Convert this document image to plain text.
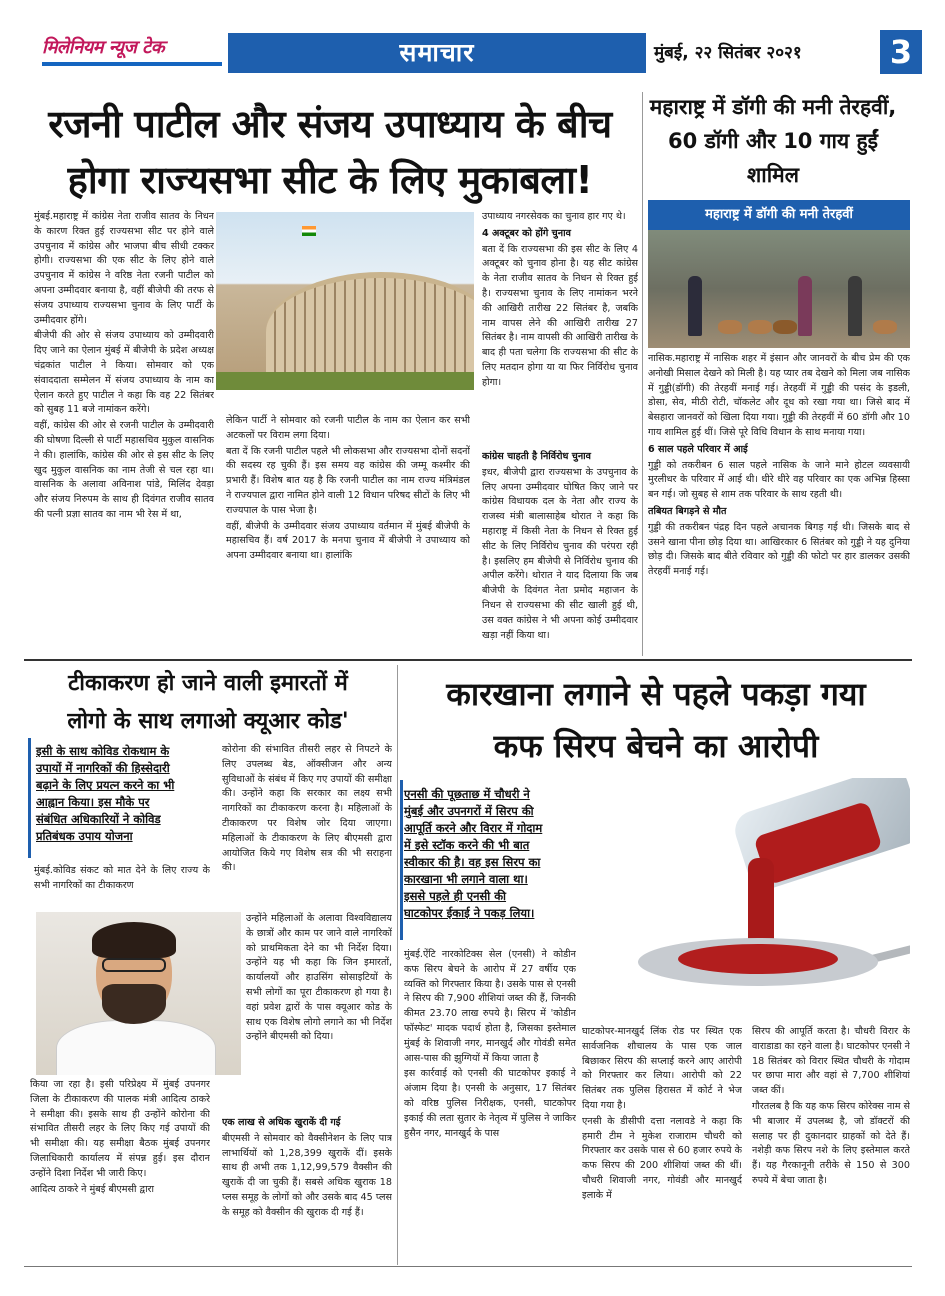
मिलेनियम न्यूज टेक	समाचार	मुंबई, २२ सितंबर २०२१	3
रजनी पाटील और संजय उपाध्याय के बीच
होगा राज्यसभा सीट के लिए मुकाबला!

मुंबई.महाराष्ट्र में कांग्रेस नेता राजीव सातव के निधन के कारण रिक्त हुई राज्यसभा सीट पर होने वाले उपचुनाव में कांग्रेस और भाजपा बीच सीधी टक्कर होगी। राज्यसभा की एक सीट के लिए होने वाले उपचुनाव में कांग्रेस ने वरिष्ठ नेता रजनी पाटील को अपना उम्मीदवार बनाया है, वहीं बीजेपी की तरफ से संजय उपाध्याय राज्यसभा चुनाव के लिए पार्टी के उम्मीदवार होंगे।

बीजेपी की ओर से संजय उपाध्याय को उम्मीदवारी दिए जाने का ऐलान मुंबई में बीजेपी के प्रदेश अध्यक्ष चंद्रकांत पाटील ने किया। सोमवार को एक संवाददाता सम्मेलन में संजय उपाध्याय के नाम का ऐलान करते हुए पाटील ने कहा कि वह 22 सितंबर को सुबह 11 बजे नामांकन करेंगे।

वहीं, कांग्रेस की ओर से रजनी पाटील के उम्मीदवारी की घोषणा दिल्ली से पार्टी महासचिव मुकुल वासनिक ने की। हालांकि, कांग्रेस की ओर से इस सीट के लिए खुद मुकुल वासनिक का नाम तेजी से चल रहा था। वासनिक के अलावा अविनाश पांडे, मिलिंद देवड़ा और संजय निरुपम के साथ ही दिवंगत राजीव सातव की पत्नी प्रज्ञा सातव का नाम भी रेस में था,

लेकिन पार्टी ने सोमवार को रजनी पाटील के नाम का ऐलान कर सभी अटकलों पर विराम लगा दिया।

बता दें कि रजनी पाटील पहले भी लोकसभा और राज्यसभा दोनों सदनों की सदस्य रह चुकी हैं। इस समय वह कांग्रेस की जम्मू कश्मीर की प्रभारी हैं। विशेष बात यह है कि रजनी पाटील का नाम राज्य मंत्रिमंडल ने राज्यपाल द्वारा नामित होने वाली 12 विधान परिषद सीटों के लिए भी राज्यपाल के पास भेजा है।

वहीं, बीजेपी के उम्मीदवार संजय उपाध्याय वर्तमान में मुंबई बीजेपी के महासचिव हैं। वर्ष 2017 के मनपा चुनाव में बीजेपी ने उपाध्याय को अपना उम्मीदवार बनाया था। हालांकि

उपाध्याय नगरसेवक का चुनाव हार गए थे।

4 अक्टूबर को होंगे चुनाव

बता दें कि राज्यसभा की इस सीट के लिए 4 अक्टूबर को चुनाव होना है। यह सीट कांग्रेस के नेता राजीव सातव के निधन से रिक्त हुई है। राज्यसभा चुनाव के लिए नामांकन भरने की आखिरी तारीख 22 सितंबर है, जबकि नाम वापस लेने की आखिरी तारीख 27 सितंबर है। नाम वापसी की आखिरी तारीख के बाद ही पता चलेगा कि राज्यसभा की सीट के लिए मतदान होगा या या फिर निर्विरोध चुनाव होगा।

कांग्रेस चाहती है निर्विरोध चुनाव

इधर, बीजेपी द्वारा राज्यसभा के उपचुनाव के लिए अपना उम्मीदवार घोषित किए जाने पर कांग्रेस विधायक दल के नेता और राज्य के राजस्व मंत्री बालासाहेब थोरात ने कहा कि महाराष्ट्र में किसी नेता के निधन से रिक्त हुई सीट के लिए निर्विरोध चुनाव की परंपरा रही है। इसलिए हम बीजेपी से निर्विरोध चुनाव की अपील करेंगे। थोरात ने याद दिलाया कि जब बीजेपी के दिवंगत नेता प्रमोद महाजन के निधन से राज्यसभा की सीट खाली हुई थी, उस वक्त कांग्रेस ने भी अपना कोई उम्मीदवार खड़ा नहीं किया था।

महाराष्ट्र में डॉगी की मनी तेरहवीं, 60 डॉगी और 10 गाय हुईं शामिल
महाराष्ट्र में डॉगी की मनी तेरहवीं

नासिक.महाराष्ट्र में नासिक शहर में इंसान और जानवरों के बीच प्रेम की एक अनोखी मिसाल देखने को मिली है। यह प्यार तब देखने को मिला जब नासिक में गुड्डी(डॉगी) की तेरहवीं मनाई गई। तेरहवीं में गुड्डी की पसंद के इडली, डोसा, सेव, मीठी रोटी, चॉकलेट और दूध को रखा गया था। जिसे बाद में बेसहारा जानवरों को खिला दिया गया। गुड्डी की तेरहवीं में 60 डॉगी और 10 गाय शामिल हुई थीं। जिसे पूरे विधि विधान के साथ मनाया गया।

6 साल पहले परिवार में आई

गुड्डी को तकरीबन 6 साल पहले नासिक के जाने माने होटल व्यवसायी मुरलीधर के परिवार में आई थी। धीरे धीरे वह परिवार का एक अभिन्न हिस्सा बन गई। जो सुबह से शाम तक परिवार के साथ रहती थी।

तबियत बिगड़ने से मौत

गुड्डी की तकरीबन पंद्रह दिन पहले अचानक बिगड़ गई थी। जिसके बाद से उसने खाना पीना छोड़ दिया था। आखिरकार 6 सितंबर को गुड्डी ने यह दुनिया छोड़ दी। जिसके बाद बीते रविवार को गुड्डी की फोटो पर हार डालकर उसकी तेरहवीं मनाई गई।

टीकाकरण हो जाने वाली इमारतों में
लोगो के साथ लगाओ क्यूआर कोड'
इसी के साथ कोविड रोकथाम के
उपायों में नागरिकों की हिस्सेदारी
बढ़ाने के लिए प्रयत्न करने का भी
आह्वान किया। इस मौके पर
संबंधित अधिकारियों ने कोविड
प्रतिबंधक उपाय योजना

मुंबई.कोविड संकट को मात देने के लिए राज्य के सभी नागरिकों का टीकाकरण

किया जा रहा है। इसी परिप्रेक्ष्य में मुंबई उपनगर जिला के टीकाकरण की पालक मंत्री आदित्य ठाकरे ने समीक्षा की। इसके साथ ही उन्होंने कोरोना की संभावित तीसरी लहर के लिए किए गई उपायों की भी समीक्षा की। यह समीक्षा बैठक मुंबई उपनगर जिलाधिकारी कार्यालय में संपन्न हुई। इस दौरान उन्होंने दिशा निर्देश भी जारी किए।

आदित्य ठाकरे ने मुंबई बीएमसी द्वारा

कोरोना की संभावित तीसरी लहर से निपटने के लिए उपलब्ध बेड, ऑक्सीजन और अन्य सुविधाओं के संबंध में किए गए उपायों की समीक्षा की। उन्होंने कहा कि सरकार का लक्ष्य सभी नागरिकों का टीकाकरण करना है। महिलाओं के टीकाकरण पर विशेष जोर दिया जाएगा। महिलाओं के टीकाकरण के लिए बीएमसी द्वारा आयोजित किये गए विशेष सत्र की भी सराहना की।

उन्होंने महिलाओं के अलावा विश्वविद्यालय के छात्रों और काम पर जाने वाले नागरिकों को प्राथमिकता देने का भी निर्देश दिया। उन्होंने यह भी कहा कि जिन इमारतों, कार्यालयों और हाउसिंग सोसाइटियों के सभी लोगों का पूरा टीकाकरण हो गया है। वहां प्रवेश द्वारों के पास क्यूआर कोड के साथ एक विशेष लोगो लगाने का भी निर्देश उन्होंने बीएमसी को दिया।

एक लाख से अधिक खुराकें दी गई

बीएमसी ने सोमवार को वैक्सीनेशन के लिए पात्र लाभार्थियों को 1,28,399 खुराकें दीं। इसके साथ ही अभी तक 1,12,99,579 वैक्सीन की खुराकें दी जा चुकी हैं। सबसे अधिक खुराक 18 प्लस समूह के लोगों को और उसके बाद 45 प्लस के समूह को वैक्सीन की खुराक दी गई हैं।

कारखाना लगाने से पहले पकड़ा गया
कफ सिरप बेचने का आरोपी
एनसी की पूछताछ में चौधरी ने
मुंबई और उपनगरों में सिरप की
आपूर्ति करने और विरार में गोदाम
में इसे स्टॉक करने की भी बात
स्वीकार की है। वह इस सिरप का
कारखाना भी लगाने वाला था।
इससे पहले ही एनसी की
घाटकोपर ईकाई ने पकड़ लिया।

मुंबई.ऐंटि नारकोटिक्स सेल (एनसी) ने कोडीन कफ सिरप बेचने के आरोप में 27 वर्षीय एक व्यक्ति को गिरफ्तार किया है। उसके पास से एनसी ने सिरप की 7,900 शीशियां जब्त की हैं, जिनकी कीमत 23.70 लाख रुपये है। सिरप में 'कोडीन फॉस्फेट' मादक पदार्थ होता है, जिसका इस्तेमाल मुंबई के शिवाजी नगर, मानखुर्द और गोवंडी समेत आस-पास की झुग्गियों में किया जाता है

इस कार्रवाई को एनसी की घाटकोपर इकाई ने अंजाम दिया है। एनसी के अनुसार, 17 सितंबर को वरिष्ठ पुलिस निरीक्षक, एनसी, घाटकोपर इकाई की लता सुतार के नेतृत्व में पुलिस ने जाकिर हुसैन नगर, मानखुर्द के पास

घाटकोपर-मानखुर्द लिंक रोड पर स्थित एक सार्वजनिक शौचालय के पास एक जाल बिछाकर सिरप की सप्लाई करने आए आरोपी को गिरफ्तार कर लिया। आरोपी को 22 सितंबर तक पुलिस हिरासत में कोर्ट ने भेज दिया गया है।

एनसी के डीसीपी दत्ता नलावडे ने कहा कि हमारी टीम ने मुकेश राजाराम चौधरी को गिरफ्तार कर उसके पास से 60 हजार रुपये के कफ सिरप की 200 शीशियां जब्त की थीं। चौधरी शिवाजी नगर, गोवंडी और मानखुर्द इलाके में

सिरप की आपूर्ति करता है। चौधरी विरार के वाराडाडा का रहने वाला है। घाटकोपर एनसी ने 18 सितंबर को विरार स्थित चौधरी के गोदाम पर छापा मारा और वहां से 7,700 शीशियां जब्त कीं।

गौरतलब है कि यह कफ सिरप कोरेक्स नाम से भी बाजार में उपलब्ध है, जो डॉक्टरों की सलाह पर ही दुकानदार ग्राहकों को देते हैं। नशेड़ी कफ सिरप नशे के लिए इस्तेमाल करते हैं। यह गैरकानूनी तरीके से 150 से 300 रुपये में बेचा जाता है।
